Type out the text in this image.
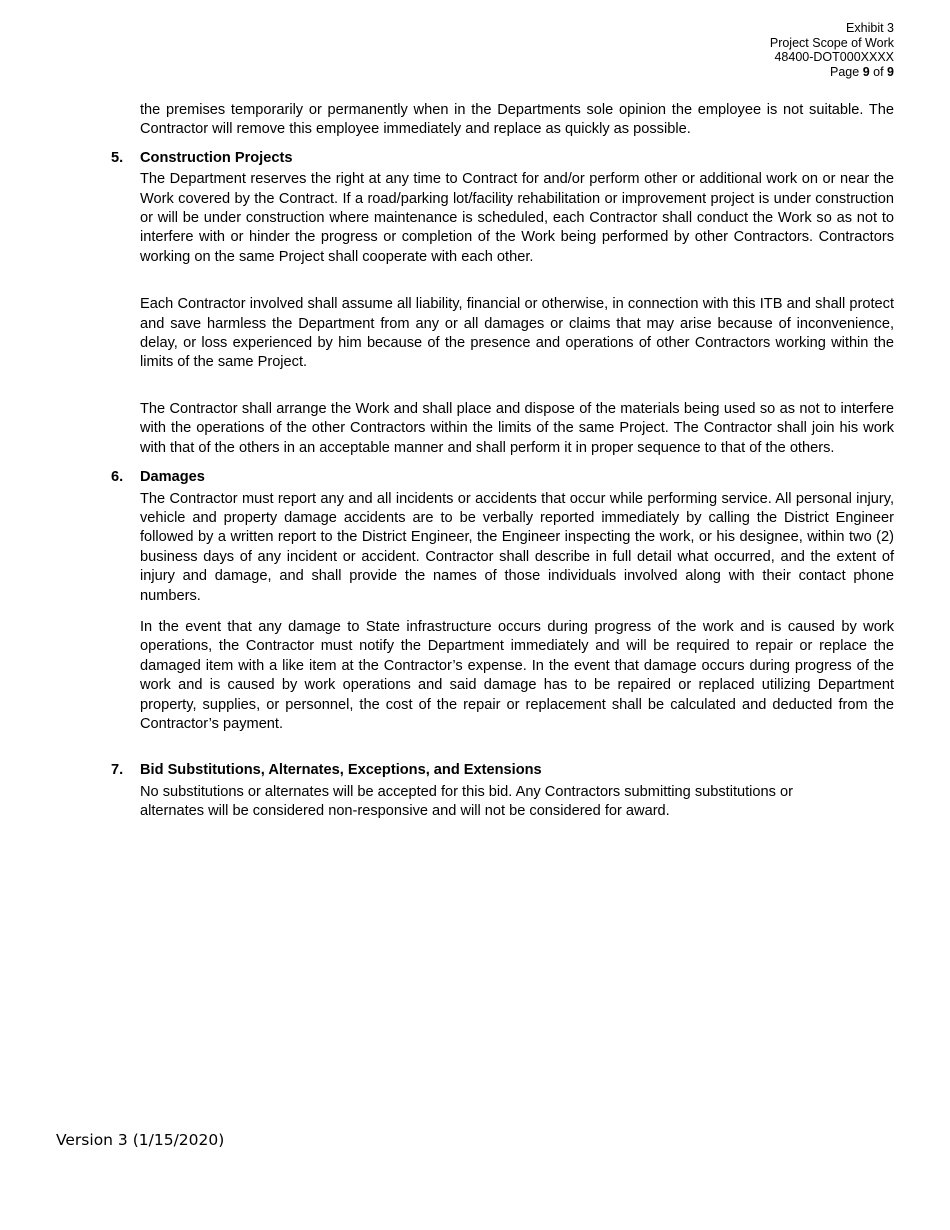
Exhibit 3
Project Scope of Work
48400-DOT000XXXX
Page 9 of 9

the premises temporarily or permanently when in the Departments sole opinion the employee is not suitable. The Contractor will remove this employee immediately and replace as quickly as possible.

5. Construction Projects

The Department reserves the right at any time to Contract for and/or perform other or additional work on or near the Work covered by the Contract. If a road/parking lot/facility rehabilitation or improvement project is under construction or will be under construction where maintenance is scheduled, each Contractor shall conduct the Work so as not to interfere with or hinder the progress or completion of the Work being performed by other Contractors. Contractors working on the same Project shall cooperate with each other.

Each Contractor involved shall assume all liability, financial or otherwise, in connection with this ITB and shall protect and save harmless the Department from any or all damages or claims that may arise because of inconvenience, delay, or loss experienced by him because of the presence and operations of other Contractors working within the limits of the same Project.

The Contractor shall arrange the Work and shall place and dispose of the materials being used so as not to interfere with the operations of the other Contractors within the limits of the same Project. The Contractor shall join his work with that of the others in an acceptable manner and shall perform it in proper sequence to that of the others.

6. Damages

The Contractor must report any and all incidents or accidents that occur while performing service. All personal injury, vehicle and property damage accidents are to be verbally reported immediately by calling the District Engineer followed by a written report to the District Engineer, the Engineer inspecting the work, or his designee, within two (2) business days of any incident or accident. Contractor shall describe in full detail what occurred, and the extent of injury and damage, and shall provide the names of those individuals involved along with their contact phone numbers.

In the event that any damage to State infrastructure occurs during progress of the work and is caused by work operations, the Contractor must notify the Department immediately and will be required to repair or replace the damaged item with a like item at the Contractor’s expense. In the event that damage occurs during progress of the work and is caused by work operations and said damage has to be repaired or replaced utilizing Department property, supplies, or personnel, the cost of the repair or replacement shall be calculated and deducted from the Contractor’s payment.

7. Bid Substitutions, Alternates, Exceptions, and Extensions

No substitutions or alternates will be accepted for this bid. Any Contractors submitting substitutions or alternates will be considered non-responsive and will not be considered for award.

Version 3 (1/15/2020)
